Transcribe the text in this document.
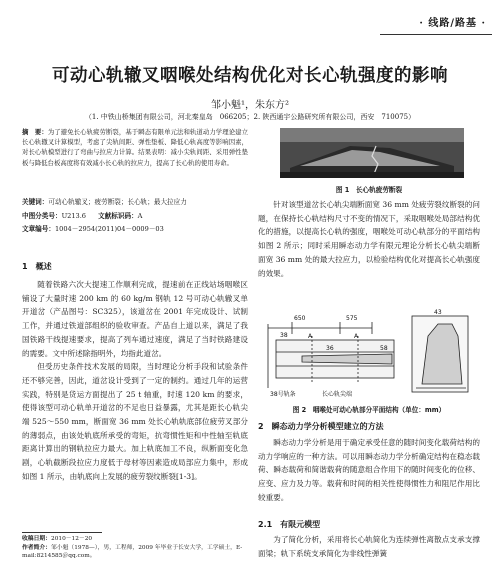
· 线路/路基 ·
可动心轨辙叉咽喉处结构优化对长心轨强度的影响
邹小魁¹，朱东方²
（1. 中铁山桥集团有限公司，河北秦皇岛　066205；2. 陕西通宇公路研究所有限公司，西安　710075）
摘　要：为了避免长心轨疲劳断裂，基于瞬态有限单元法和轨道动力学理论建立长心轨辙叉计算模型，考虑了尖轨间距、弹性垫板、降低心轨高度等影响因素，对长心轨模型进行了弯曲与拉应力计算。结果表明：减小尖轨间距、采用弹性垫板与降低台板高度将有效减小长心轨的拉应力，提高了长心轨的使用寿命。
关键词：可动心轨辙叉；疲劳断裂；长心轨；最大拉应力
中图分类号：U213.6 文献标识码：A
文章编号：1004－2954(2011)04－0009－03
1　概述

随着铁路六次大提速工作顺利完成，提速前在正线站场咽喉区铺设了大量时速 200 km 的 60 kg/m 钢轨 12 号可动心轨辙叉单开道岔（产品图号：SC325），该道岔在 2001 年完成设计、试制工作，并通过铁道部组织的验收审查。产品自上道以来，满足了我国铁路干线提速要求，提高了列车通过速度，满足了当时铁路建设的需要。文中所述除指明外，均指此道岔。

但受历史条件技术发展的局限，当时理论分析手段和试验条件还不够完善，因此，道岔设计受到了一定的制约。通过几年的运营实践，特别是货运方面提出了 25 t 轴重，时速 120 km 的要求，使得该型可动心轨单开道岔的不足也日益暴露，尤其是距长心轨尖端 525～550 mm，断面宽 36 mm 处长心轨轨底部位疲劳叉部分的薄弱点，由该处轨底所承受的弯矩，抗弯惯性矩和中性轴至轨底距离计算出的钢轨拉应力最大。加上轨底加工不良，纵断面变化急剧，心轨截断段拉应力度低于母材等因素造成局部应力集中，形成如图 1 所示，由轨底向上发展的疲劳裂纹断裂[1-3]。

收稿日期：2010－12－20
作者简介：邹小魁（1978—），男，工程师，2009 年毕业于长安大学，工学硕士，E-mail:8214585＠qq.com。
图 1　长心轨疲劳断裂
针对该型道岔长心轨尖端断面宽 36 mm 处疲劳裂纹断裂的问题，在保持长心轨结构尺寸不变的情况下，采取咽喉处局部结构优化的措施，以提高长心轨的强度，咽喉处可动心轨部分的平面结构如图 2 所示；同时采用瞬态动力学有限元理论分析长心轨尖端断面宽 36 mm 处的最大拉应力，以检验结构优化对提高长心轨强度的效果。
650	575
38
36	58
43
38号轨条	长心轨尖端
A	A
图 2　咽喉处可动心轨部分平面结构（单位：mm）
2　瞬态动力学分析模型建立的方法
瞬态动力学分析是用于确定承受任意的随时间变化载荷结构的动力学响应的一种方法。可以用瞬态动力学分析确定结构在稳态载荷、瞬态载荷和简谐载荷的随意组合作用下的随时间变化的位移、应变、应力及力等。载荷和时间的相关性使得惯性力和阻尼作用比较重要。
2.1　有限元模型
为了简化分析，采用将长心轨简化为连续弹性离散点支承支撑面梁；轨下系统支承简化为非线性弹簧
